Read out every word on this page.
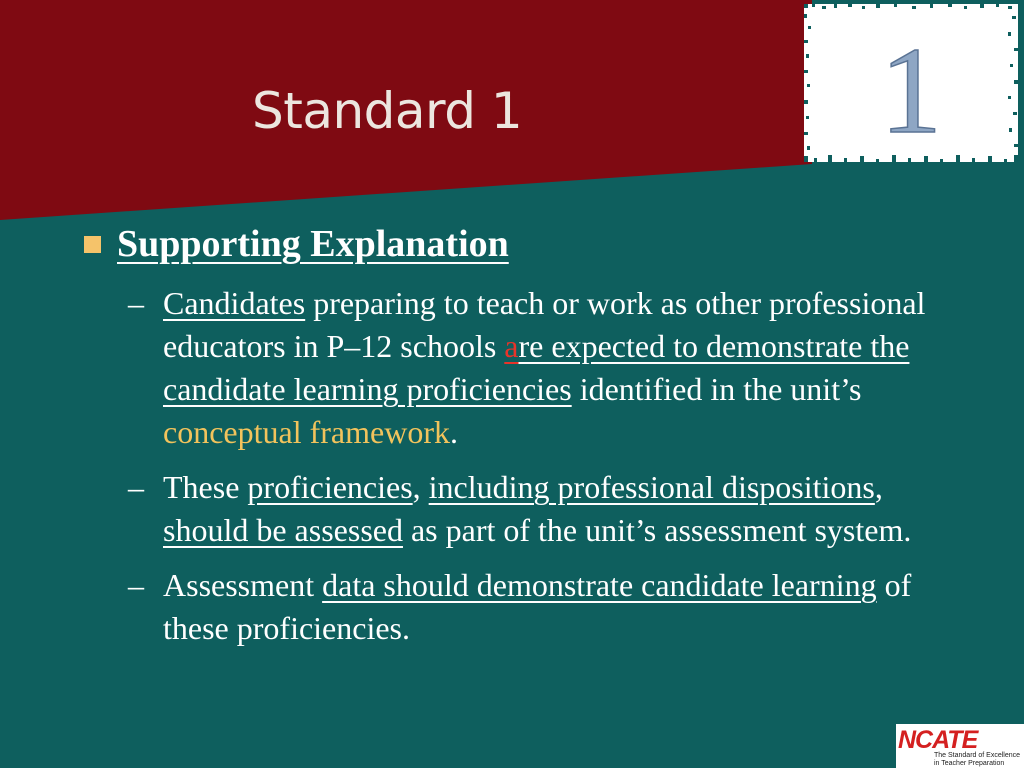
Standard 1	1

Supporting Explanation

– Candidates preparing to teach or work as other professional educators in P–12 schools are expected to demonstrate the candidate learning proficiencies identified in the unit’s conceptual framework.

– These proficiencies, including professional dispositions, should be assessed as part of the unit’s assessment system.

– Assessment data should demonstrate candidate learning of these proficiencies.

NCATE
The Standard of Excellence
in Teacher Preparation
